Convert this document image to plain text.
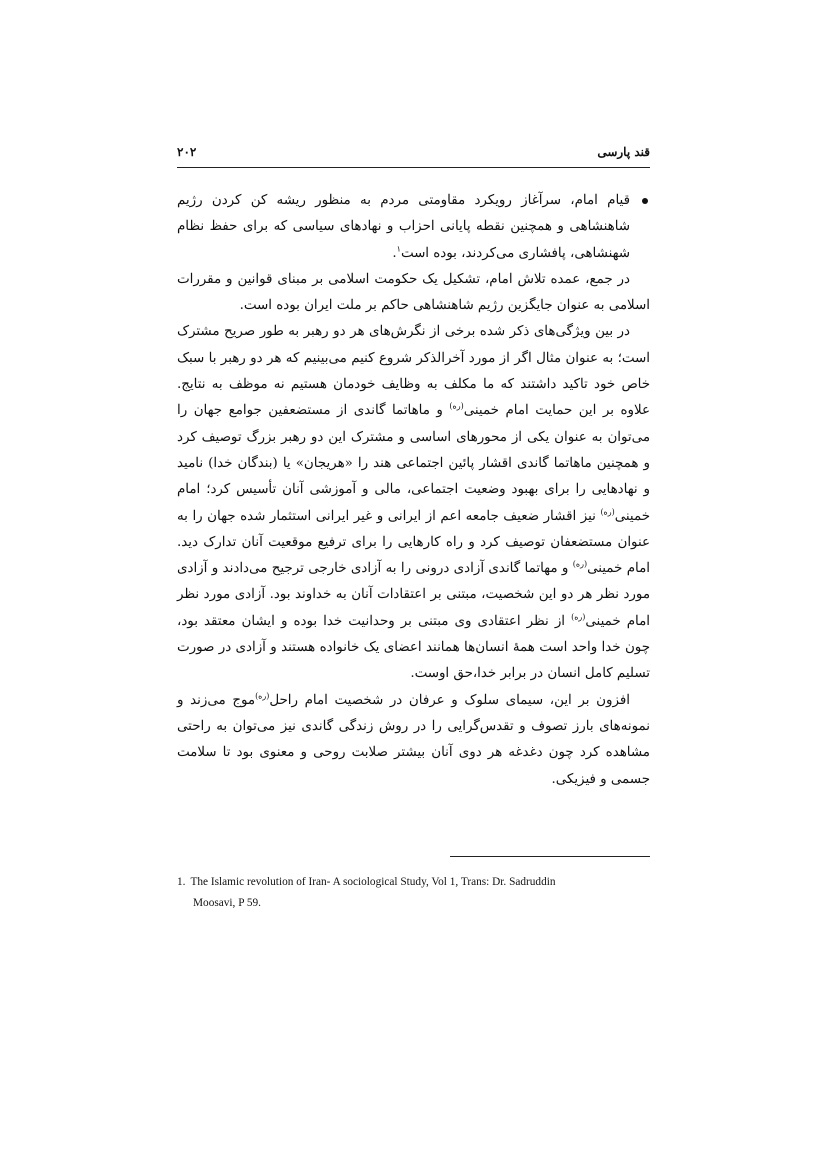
قند پارسی
۲۰۲

قیام امام، سرآغاز رویکرد مقاومتی مردم به منظور ریشه کن کردن رژیم شاهنشاهی و همچنین نقطه پایانی احزاب و نهادهای سیاسی که برای حفظ نظام شهنشاهی، پافشاری می‌کردند، بوده است$^۱$.

در جمع، عمده تلاش امام، تشکیل یک حکومت اسلامی بر مبنای قوانین و مقررات اسلامی به عنوان جایگزین رژیم شاهنشاهی حاکم بر ملت ایران بوده است.

در بین ویژگی‌های ذکر شده برخی از نگرش‌های هر دو رهبر به طور صریح مشترک است؛ به عنوان مثال اگر از مورد آخرالذکر شروع کنیم می‌بینیم که هر دو رهبر با سبک خاص خود تاکید داشتند که ما مکلف به وظایف خودمان هستیم نه موظف به نتایج. علاوه بر این حمایت امام خمینی$^{(ره)}$ و ماهاتما گاندی از مستضعفین جوامع جهان را می‌توان به عنوان یکی از محورهای اساسی و مشترک این دو رهبر بزرگ توصیف کرد و همچنین ماهاتما گاندی اقشار پائین اجتماعی هند را «هریجان» یا (بندگان خدا) نامید و نهادهایی را برای بهبود وضعیت اجتماعی، مالی و آموزشی آنان تأسیس کرد؛ امام خمینی$^{(ره)}$ نیز اقشار ضعیف جامعه اعم از ایرانی و غیر ایرانی استثمار شده جهان را به عنوان مستضعفان توصیف کرد و راه کارهایی را برای ترفیع موقعیت آنان تدارک دید. امام خمینی$^{(ره)}$ و مهاتما گاندی آزادی درونی را به آزادی خارجی ترجیح می‌دادند و آزادی مورد نظر هر دو این شخصیت، مبتنی بر اعتقادات آنان به خداوند بود. آزادی مورد نظر امام خمینی$^{(ره)}$ از نظر اعتقادی وی مبتنی بر وحدانیت خدا بوده و ایشان معتقد بود، چون خدا واحد است همهٔ انسان‌ها همانند اعضای یک خانواده هستند و آزادی در صورت تسلیم کامل انسان در برابر خدا،حق اوست.

افزون بر این، سیمای سلوک و عرفان در شخصیت امام راحل$^{(ره)}$موج می‌زند و نمونه‌های بارز تصوف و تقدس‌گرایی را در روش زندگی گاندی نیز می‌توان به راحتی مشاهده کرد چون دغدغه هر دوی آنان بیشتر صلابت روحی و معنوی بود تا سلامت جسمی و فیزیکی.

1. The Islamic revolution of Iran- A sociological Study, Vol 1, Trans: Dr. Sadruddin
Moosavi, P 59.
